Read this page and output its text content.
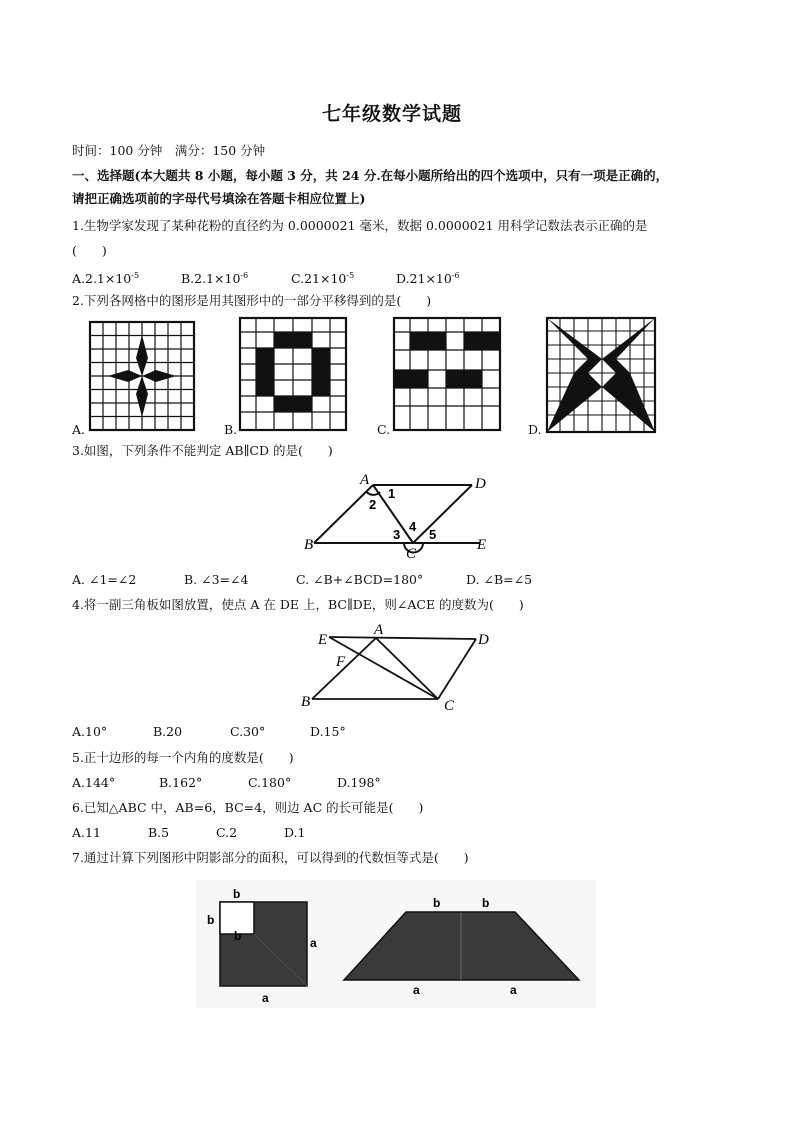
七年级数学试题
时间：100 分钟　满分：150 分钟
一、选择题(本大题共 8 小题，每小题 3 分，共 24 分.在每小题所给出的四个选项中，只有一项是正确的，
请把正确选项前的字母代号填涂在答题卡相应位置上)
1.生物学家发现了某种花粉的直径约为 0.0000021 毫米，数据 0.0000021 用科学记数法表示正确的是
(　　)
$A.2.1\times 10^{-5}$	$B.2.1\times 10^{-6}$	$C.21\times 10^{-5}$	$D.21\times 10^{-6}$
2.下列各网格中的图形是用其图形中的一部分平移得到的是(　　)
A.	B.	C.	D.
3.如图，下列条件不能判定 AB∥CD 的是(　　)
A	D
B
C
E
1
2
3
4
5
A. ∠1=∠2	B. ∠3=∠4	C. ∠B+∠BCD=180°	D. ∠B=∠5
4.将一副三角板如图放置，使点 A 在 DE 上，BC∥DE，则∠ACE 的度数为(　　)
E
A
D
F
B	C
A.10°	B.20	C.30°	D.15°
5.正十边形的每一个内角的度数是(　　)
A.144°	B.162°	C.180°	D.198°
6.已知△ABC 中，AB=6，BC=4，则边 AC 的长可能是(　　)
A.11	B.5	C.2	D.1
7.通过计算下列图形中阴影部分的面积，可以得到的代数恒等式是(　　)
b
b
b	a
a
b	b
a	a
